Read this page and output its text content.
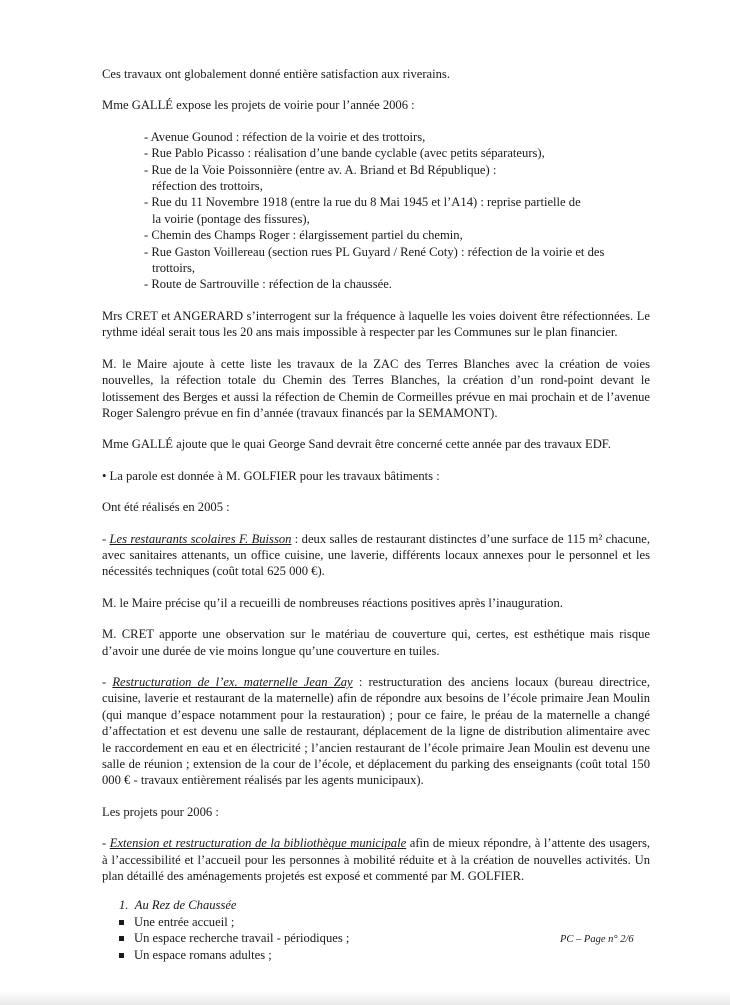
Ces travaux ont globalement donné entière satisfaction aux riverains.

Mme GALLÉ expose les projets de voirie pour l’année 2006 :

- Avenue Gounod : réfection de la voirie et des trottoirs,
- Rue Pablo Picasso : réalisation d’une bande cyclable (avec petits séparateurs),
- Rue de la Voie Poissonnière (entre av. A. Briand et Bd République) :
réfection des trottoirs,
- Rue du 11 Novembre 1918 (entre la rue du 8 Mai 1945 et l’A14) : reprise partielle de
la voirie (pontage des fissures),
- Chemin des Champs Roger : élargissement partiel du chemin,
- Rue Gaston Voillereau (section rues PL Guyard / René Coty) : réfection de la voirie et des
trottoirs,
- Route de Sartrouville : réfection de la chaussée.

Mrs CRET et ANGERARD s’interrogent sur la fréquence à laquelle les voies doivent être réfectionnées. Le rythme idéal serait tous les 20 ans mais impossible à respecter par les Communes sur le plan financier.

M. le Maire ajoute à cette liste les travaux de la ZAC des Terres Blanches avec la création de voies nouvelles, la réfection totale du Chemin des Terres Blanches, la création d’un rond-point devant le lotissement des Berges et aussi la réfection de Chemin de Cormeilles prévue en mai prochain et de l’avenue Roger Salengro prévue en fin d’année (travaux financés par la SEMAMONT).

Mme GALLÉ ajoute que le quai George Sand devrait être concerné cette année par des travaux EDF.

• La parole est donnée à M. GOLFIER pour les travaux bâtiments :

Ont été réalisés en 2005 :

- Les restaurants scolaires F. Buisson : deux salles de restaurant distinctes d’une surface de 115 m² chacune, avec sanitaires attenants, un office cuisine, une laverie, différents locaux annexes pour le personnel et les nécessités techniques (coût total 625 000 €).

M. le Maire précise qu’il a recueilli de nombreuses réactions positives après l’inauguration.

M. CRET apporte une observation sur le matériau de couverture qui, certes, est esthétique mais risque d’avoir une durée de vie moins longue qu’une couverture en tuiles.

- Restructuration de l’ex. maternelle Jean Zay : restructuration des anciens locaux (bureau directrice, cuisine, laverie et restaurant de la maternelle) afin de répondre aux besoins de l’école primaire Jean Moulin (qui manque d’espace notamment pour la restauration) ; pour ce faire, le préau de la maternelle a changé d’affectation et est devenu une salle de restaurant, déplacement de la ligne de distribution alimentaire avec le raccordement en eau et en électricité ; l’ancien restaurant de l’école primaire Jean Moulin est devenu une salle de réunion ; extension de la cour de l’école, et déplacement du parking des enseignants (coût total 150 000 € - travaux entièrement réalisés par les agents municipaux).

Les projets pour 2006 :

- Extension et restructuration de la bibliothèque municipale afin de mieux répondre, à l’attente des usagers, à l’accessibilité et l’accueil pour les personnes à mobilité réduite et à la création de nouvelles activités. Un plan détaillé des aménagements projetés est exposé et commenté par M. GOLFIER.

1. Au Rez de Chaussée
Une entrée accueil ;
Un espace recherche travail - périodiques ;
Un espace romans adultes ;
PC – Page n° 2/6
